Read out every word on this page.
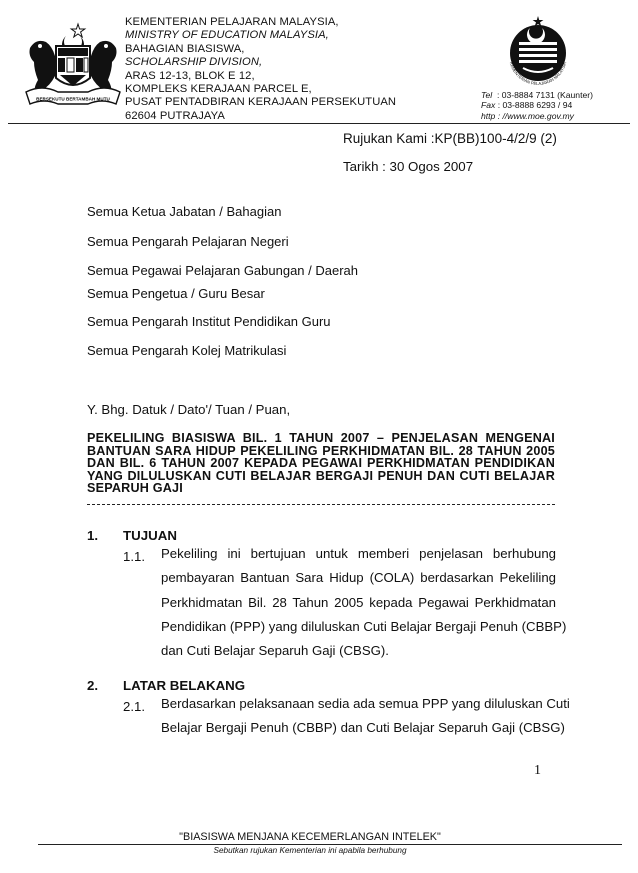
BERSEKUTU BERTAMBAH MUTU
KEMENTERIAN PELAJARAN MALAYSIA,
MINISTRY OF EDUCATION MALAYSIA,
BAHAGIAN BIASISWA,
SCHOLARSHIP DIVISION,
ARAS 12-13, BLOK E 12,
KOMPLEKS KERAJAAN PARCEL E,
PUSAT PENTADBIRAN KERAJAAN PERSEKUTUAN
62604 PUTRAJAYA
KEMENTERIAN PELAJARAN MALAYSIA
Tel : 03-8884 7131 (Kaunter)
Fax : 03-8888 6293 / 94
http : //www.moe.gov.my
Rujukan Kami :KP(BB)100-4/2/9 (2)
Tarikh : 30 Ogos 2007
Semua Ketua Jabatan / Bahagian
Semua Pengarah Pelajaran Negeri
Semua Pegawai Pelajaran Gabungan / Daerah
Semua Pengetua / Guru Besar
Semua Pengarah Institut Pendidikan Guru
Semua Pengarah Kolej Matrikulasi
Y. Bhg. Datuk / Dato'/ Tuan / Puan,
PEKELILING BIASISWA BIL. 1 TAHUN 2007 – PENJELASAN MENGENAI
BANTUAN SARA HIDUP PEKELILING PERKHIDMATAN BIL. 28 TAHUN 2005
DAN BIL. 6 TAHUN 2007 KEPADA PEGAWAI PERKHIDMATAN PENDIDIKAN
YANG DILULUSKAN CUTI BELAJAR BERGAJI PENUH DAN CUTI BELAJAR
SEPARUH GAJI
1. TUJUAN
1.1. Pekeliling ini bertujuan untuk memberi penjelasan berhubung
pembayaran Bantuan Sara Hidup (COLA) berdasarkan Pekeliling
Perkhidmatan Bil. 28 Tahun 2005 kepada Pegawai Perkhidmatan
Pendidikan (PPP) yang diluluskan Cuti Belajar Bergaji Penuh (CBBP)
dan Cuti Belajar Separuh Gaji (CBSG).
2. LATAR BELAKANG
2.1. Berdasarkan pelaksanaan sedia ada semua PPP yang diluluskan Cuti
Belajar Bergaji Penuh (CBBP) dan Cuti Belajar Separuh Gaji (CBSG)
1
"BIASISWA MENJANA KECEMERLANGAN INTELEK"
Sebutkan rujukan Kementerian ini apabila berhubung
